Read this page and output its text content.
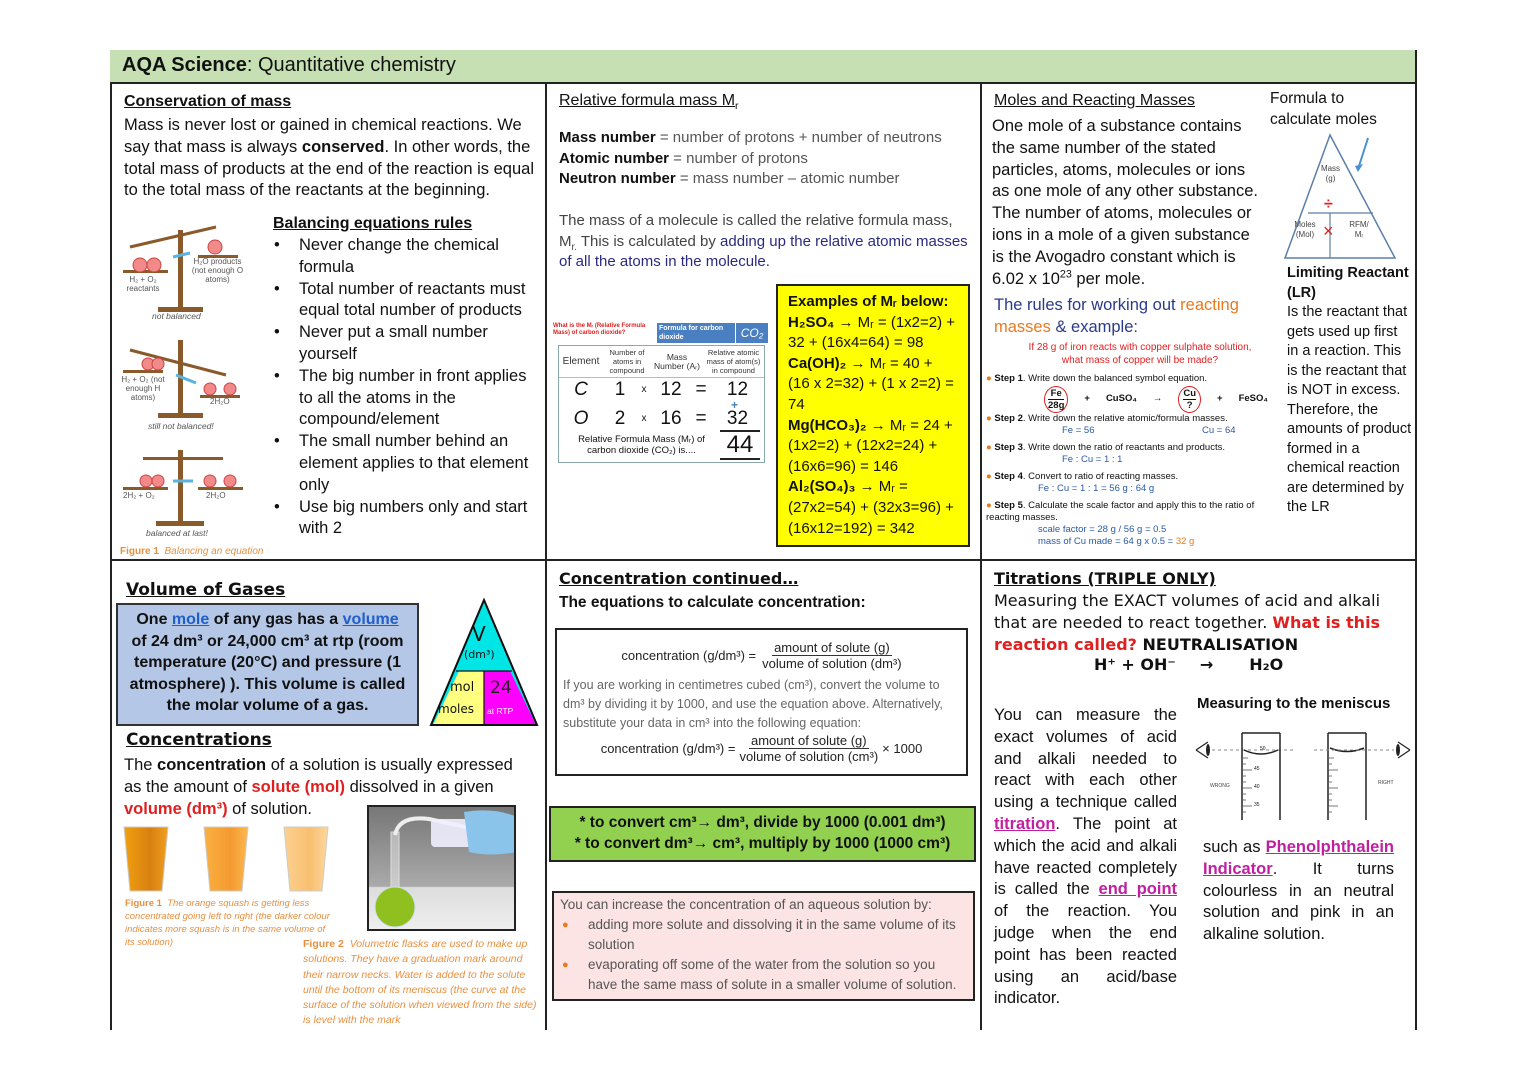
AQA Science: Quantitative chemistry
Conservation of mass
Mass is never lost or gained in chemical reactions. We say that mass is always conserved. In other words, the total mass of products at the end of the reaction is equal to the total mass of the reactants at the beginning.
H₂ + O₂ reactants
H₂O products (not enough O atoms)
not balanced
H₂ + O₂ (not enough H atoms)	2H₂O
still not balanced!
2H₂ + O₂	2H₂O
balanced at last!
Figure 1 Balancing an equation
Balancing equations rules
• Never change the chemical formula
• Total number of reactants must equal total number of products
• Never put a small number yourself
• The big number in front applies to all the atoms in the compound/element
• The small number behind an element applies to that element only
• Use big numbers only and start with 2
Relative formula mass $M_r$
Mass number = number of protons + number of neutrons
Atomic number = number of protons
Neutron number = mass number – atomic number
The mass of a molecule is called the relative formula mass, $M_{r.}$ This is calculated by adding up the relative atomic masses of all the atoms in the molecule.
What is the Mᵣ (Relative Formula Mass) of carbon dioxide?
Formula for carbon dioxide	CO₂
Element
Number of atoms in compound
Mass Number (Aᵣ)
Relative atomic mass of atom(s) in compound
C	1	x 12 =	12
+
O	2	x 16 =	32
Relative Formula Mass (Mᵣ) of carbon dioxide (CO₂) is....	44
Examples of Mᵣ below:
H₂SO₄ → Mᵣ = (1x2=2) + 32 + (16x4=64) = 98
Ca(OH)₂ → Mᵣ = 40 + (16 x 2=32) + (1 x 2=2) = 74
Mg(HCO₃)₂ → Mᵣ = 24 + (1x2=2) + (12x2=24) + (16x6=96) = 146
Al₂(SO₄)₃ → Mᵣ = (27x2=54) + (32x3=96) + (16x12=192) = 342
Moles and Reacting Masses
One mole of a substance contains the same number of the stated particles, atoms, molecules or ions as one mole of any other substance. The number of atoms, molecules or ions in a mole of a given substance is the Avogadro constant which is 6.02 x $10^{23}$ per mole.
Formula to calculate moles
Mass
(g)
÷
Moles
(Mol) ×	RFM/
Mᵣ
The rules for working out reacting masses & example:
If 28 g of iron reacts with copper sulphate solution,
what mass of copper will be made?
● Step 1. Write down the balanced symbol equation.
Fe
28g
+ CuSO₄ → Cu
?
+ FeSO₄
● Step 2. Write down the relative atomic/formula masses.
Fe = 56	Cu = 64
● Step 3. Write down the ratio of reactants and products.
Fe : Cu = 1 : 1
● Step 4. Convert to ratio of reacting masses.
Fe : Cu = 1 : 1 = 56 g : 64 g
● Step 5. Calculate the scale factor and apply this to the ratio of reacting masses.
scale factor = 28 g / 56 g = 0.5
mass of Cu made = 64 g x 0.5 = 32 g
Limiting Reactant (LR)
Is the reactant that gets used up first in a reaction. This is the reactant that is NOT in excess. Therefore, the amounts of product formed in a chemical reaction are determined by the LR
Volume of Gases
One mole of any gas has a volume of 24 dm³ or 24,000 cm³ at rtp (room temperature (20°C) and pressure (1 atmosphere) ). This volume is called the molar volume of a gas.
V
(dm³)
mol
moles
24
at RTP
Concentrations
The concentration of a solution is usually expressed as the amount of solute (mol) dissolved in a given volume (dm³) of solution.
Figure 1 The orange squash is getting less concentrated going left to right (the darker colour indicates more squash is in the same volume of its solution)	Figure 2 Volumetric flasks are used to make up solutions. They have a graduation mark around their narrow necks. Water is added to the solute until the bottom of its meniscus (the curve at the surface of the solution when viewed from the side) is level with the mark
Concentration continued…
The equations to calculate concentration:
concentration $(g/dm^3) = \frac{\text{amount of solute (g)}}{\text{volume of solution (dm³)}}$
If you are working in centimetres cubed (cm³), convert the volume to dm³ by dividing it by 1000, and use the equation above. Alternatively, substitute your data in cm³ into the following equation:
concentration $(g/dm^3) = \frac{\text{amount of solute (g)}}{\text{volume of solution (cm³)}} \times 1000$
* to convert cm³→ dm³, divide by 1000 (0.001 dm³)
* to convert dm³→ cm³, multiply by 1000 (1000 cm³)
You can increase the concentration of an aqueous solution by:
● adding more solute and dissolving it in the same volume of its solution
● evaporating off some of the water from the solution so you have the same mass of solute in a smaller volume of solution.
Titrations (TRIPLE ONLY)
Measuring the EXACT volumes of acid and alkali that are needed to react together. What is this reaction called? NEUTRALISATION
H⁺ + OH⁻ → H₂O
You can measure the exact volumes of acid and alkali needed to react with each other using a technique called titration. The point at which the acid and alkali have reacted completely is called the end point of the reaction. You judge when the end point has been reacted using an acid/base indicator.
Measuring to the meniscus
WRONG	RIGHT
50
45
40
35
such as Phenolphthalein Indicator. It turns colourless in an neutral solution and pink in an alkaline solution.
